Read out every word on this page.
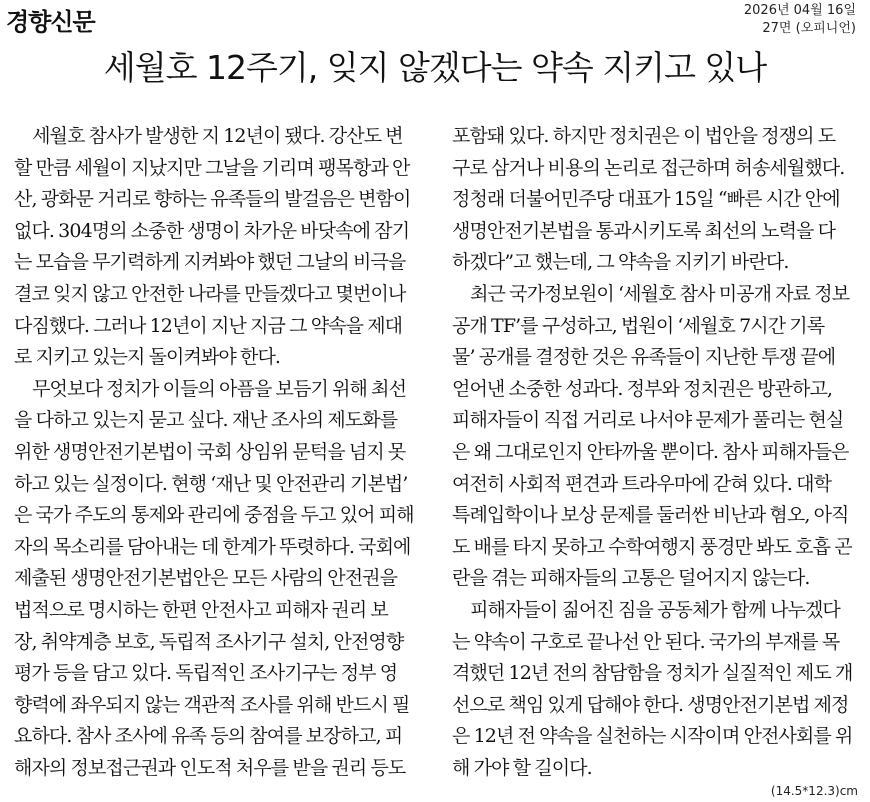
경향신문	2026년 04월 16일
27면 (오피니언)
세월호 12주기, 잊지 않겠다는 약속 지키고 있나
　세월호 참사가 발생한 지 12년이 됐다. 강산도 변
할 만큼 세월이 지났지만 그날을 기리며 팽목항과 안
산, 광화문 거리로 향하는 유족들의 발걸음은 변함이
없다. 304명의 소중한 생명이 차가운 바닷속에 잠기
는 모습을 무기력하게 지켜봐야 했던 그날의 비극을
결코 잊지 않고 안전한 나라를 만들겠다고 몇번이나
다짐했다. 그러나 12년이 지난 지금 그 약속을 제대
로 지키고 있는지 돌이켜봐야 한다.
　무엇보다 정치가 이들의 아픔을 보듬기 위해 최선
을 다하고 있는지 묻고 싶다. 재난 조사의 제도화를
위한 생명안전기본법이 국회 상임위 문턱을 넘지 못
하고 있는 실정이다. 현행 ‘재난 및 안전관리 기본법’
은 국가 주도의 통제와 관리에 중점을 두고 있어 피해
자의 목소리를 담아내는 데 한계가 뚜렷하다. 국회에
제출된 생명안전기본법안은 모든 사람의 안전권을
법적으로 명시하는 한편 안전사고 피해자 권리 보
장, 취약계층 보호, 독립적 조사기구 설치, 안전영향
평가 등을 담고 있다. 독립적인 조사기구는 정부 영
향력에 좌우되지 않는 객관적 조사를 위해 반드시 필
요하다. 참사 조사에 유족 등의 참여를 보장하고, 피
해자의 정보접근권과 인도적 처우를 받을 권리 등도
포함돼 있다. 하지만 정치권은 이 법안을 정쟁의 도
구로 삼거나 비용의 논리로 접근하며 허송세월했다.
정청래 더불어민주당 대표가 15일 “빠른 시간 안에
생명안전기본법을 통과시키도록 최선의 노력을 다
하겠다”고 했는데, 그 약속을 지키기 바란다.
　최근 국가정보원이 ‘세월호 참사 미공개 자료 정보
공개 TF’를 구성하고, 법원이 ‘세월호 7시간 기록
물’ 공개를 결정한 것은 유족들이 지난한 투쟁 끝에
얻어낸 소중한 성과다. 정부와 정치권은 방관하고,
피해자들이 직접 거리로 나서야 문제가 풀리는 현실
은 왜 그대로인지 안타까울 뿐이다. 참사 피해자들은
여전히 사회적 편견과 트라우마에 갇혀 있다. 대학
특례입학이나 보상 문제를 둘러싼 비난과 혐오, 아직
도 배를 타지 못하고 수학여행지 풍경만 봐도 호흡 곤
란을 겪는 피해자들의 고통은 덜어지지 않는다.
　피해자들이 짊어진 짐을 공동체가 함께 나누겠다
는 약속이 구호로 끝나선 안 된다. 국가의 부재를 목
격했던 12년 전의 참담함을 정치가 실질적인 제도 개
선으로 책임 있게 답해야 한다. 생명안전기본법 제정
은 12년 전 약속을 실천하는 시작이며 안전사회를 위
해 가야 할 길이다.
(14.5*12.3)cm
